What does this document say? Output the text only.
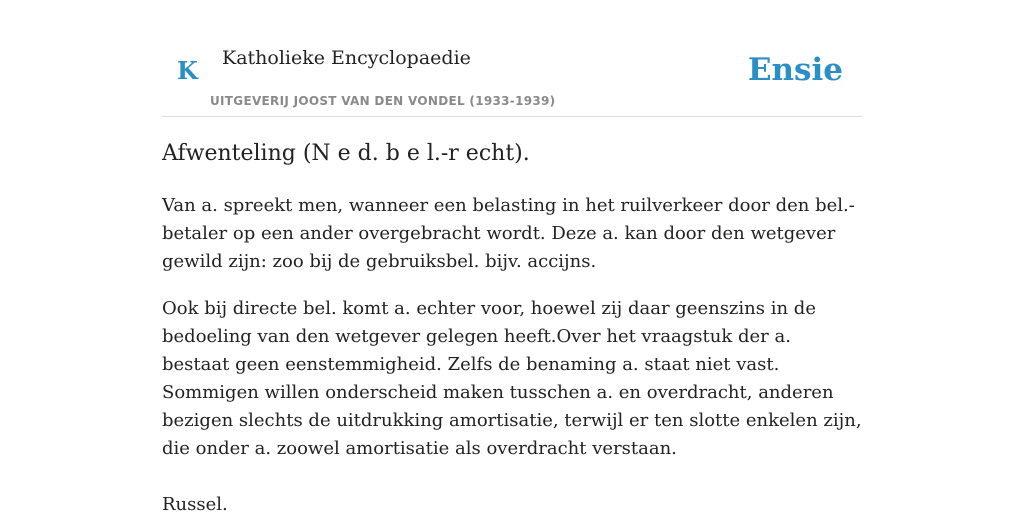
K Katholieke Encyclopaedie
UITGEVERIJ JOOST VAN DEN VONDEL (1933-1939)
Ensie
Afwenteling (N e d. b e l.-r echt).

Van a. spreekt men, wanneer een belasting in het ruilverkeer door den bel.-betaler op een ander overgebracht wordt. Deze a. kan door den wetgever gewild zijn: zoo bij de gebruiksbel. bijv. accijns.

Ook bij directe bel. komt a. echter voor, hoewel zij daar geenszins in de bedoeling van den wetgever gelegen heeft.Over het vraagstuk der a. bestaat geen eenstemmigheid. Zelfs de benaming a. staat niet vast. Sommigen willen onderscheid maken tusschen a. en overdracht, anderen bezigen slechts de uitdrukking amortisatie, terwijl er ten slotte enkelen zijn, die onder a. zoowel amortisatie als overdracht verstaan.

Russel.
